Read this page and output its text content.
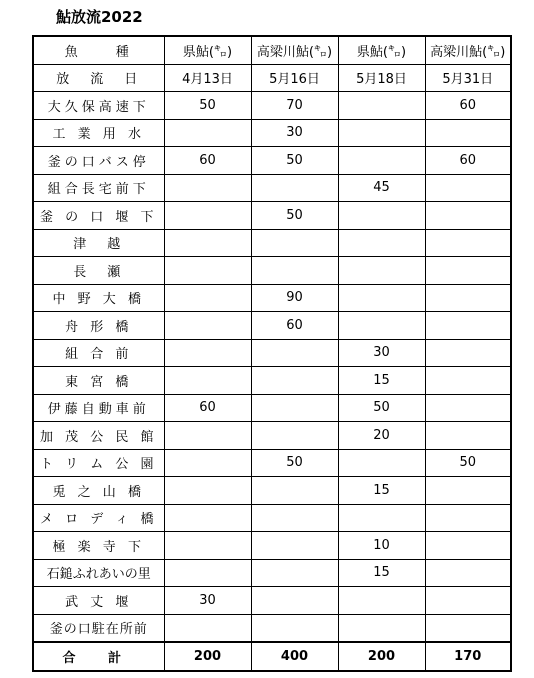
鮎放流2022
魚　　種	県鮎(㌔)	高梁川鮎(㌔)	県鮎(㌔)	高梁川鮎(㌔)
放　流　日	4月13日	5月16日	5月18日	5月31日
大久保高速下	50	70		60
工 業 用 水		30		
釜の口バス停	60	50		60
組合長宅前下			45	
釜 の 口 堰 下		50		
津　越				
長　瀬				
中 野 大 橋		90		
舟 形 橋		60		
組 合 前			30	
東 宮 橋			15	
伊藤自動車前	60		50	
加 茂 公 民 館			20	
ト リ ム 公 園		50		50
兎 之 山 橋			15	
メ ロ デ ィ 橋				
極 楽 寺 下			10	
石鎚ふれあいの里			15	
武 丈 堰	30			
釜の口駐在所前				
合 計	200	400	200	170
